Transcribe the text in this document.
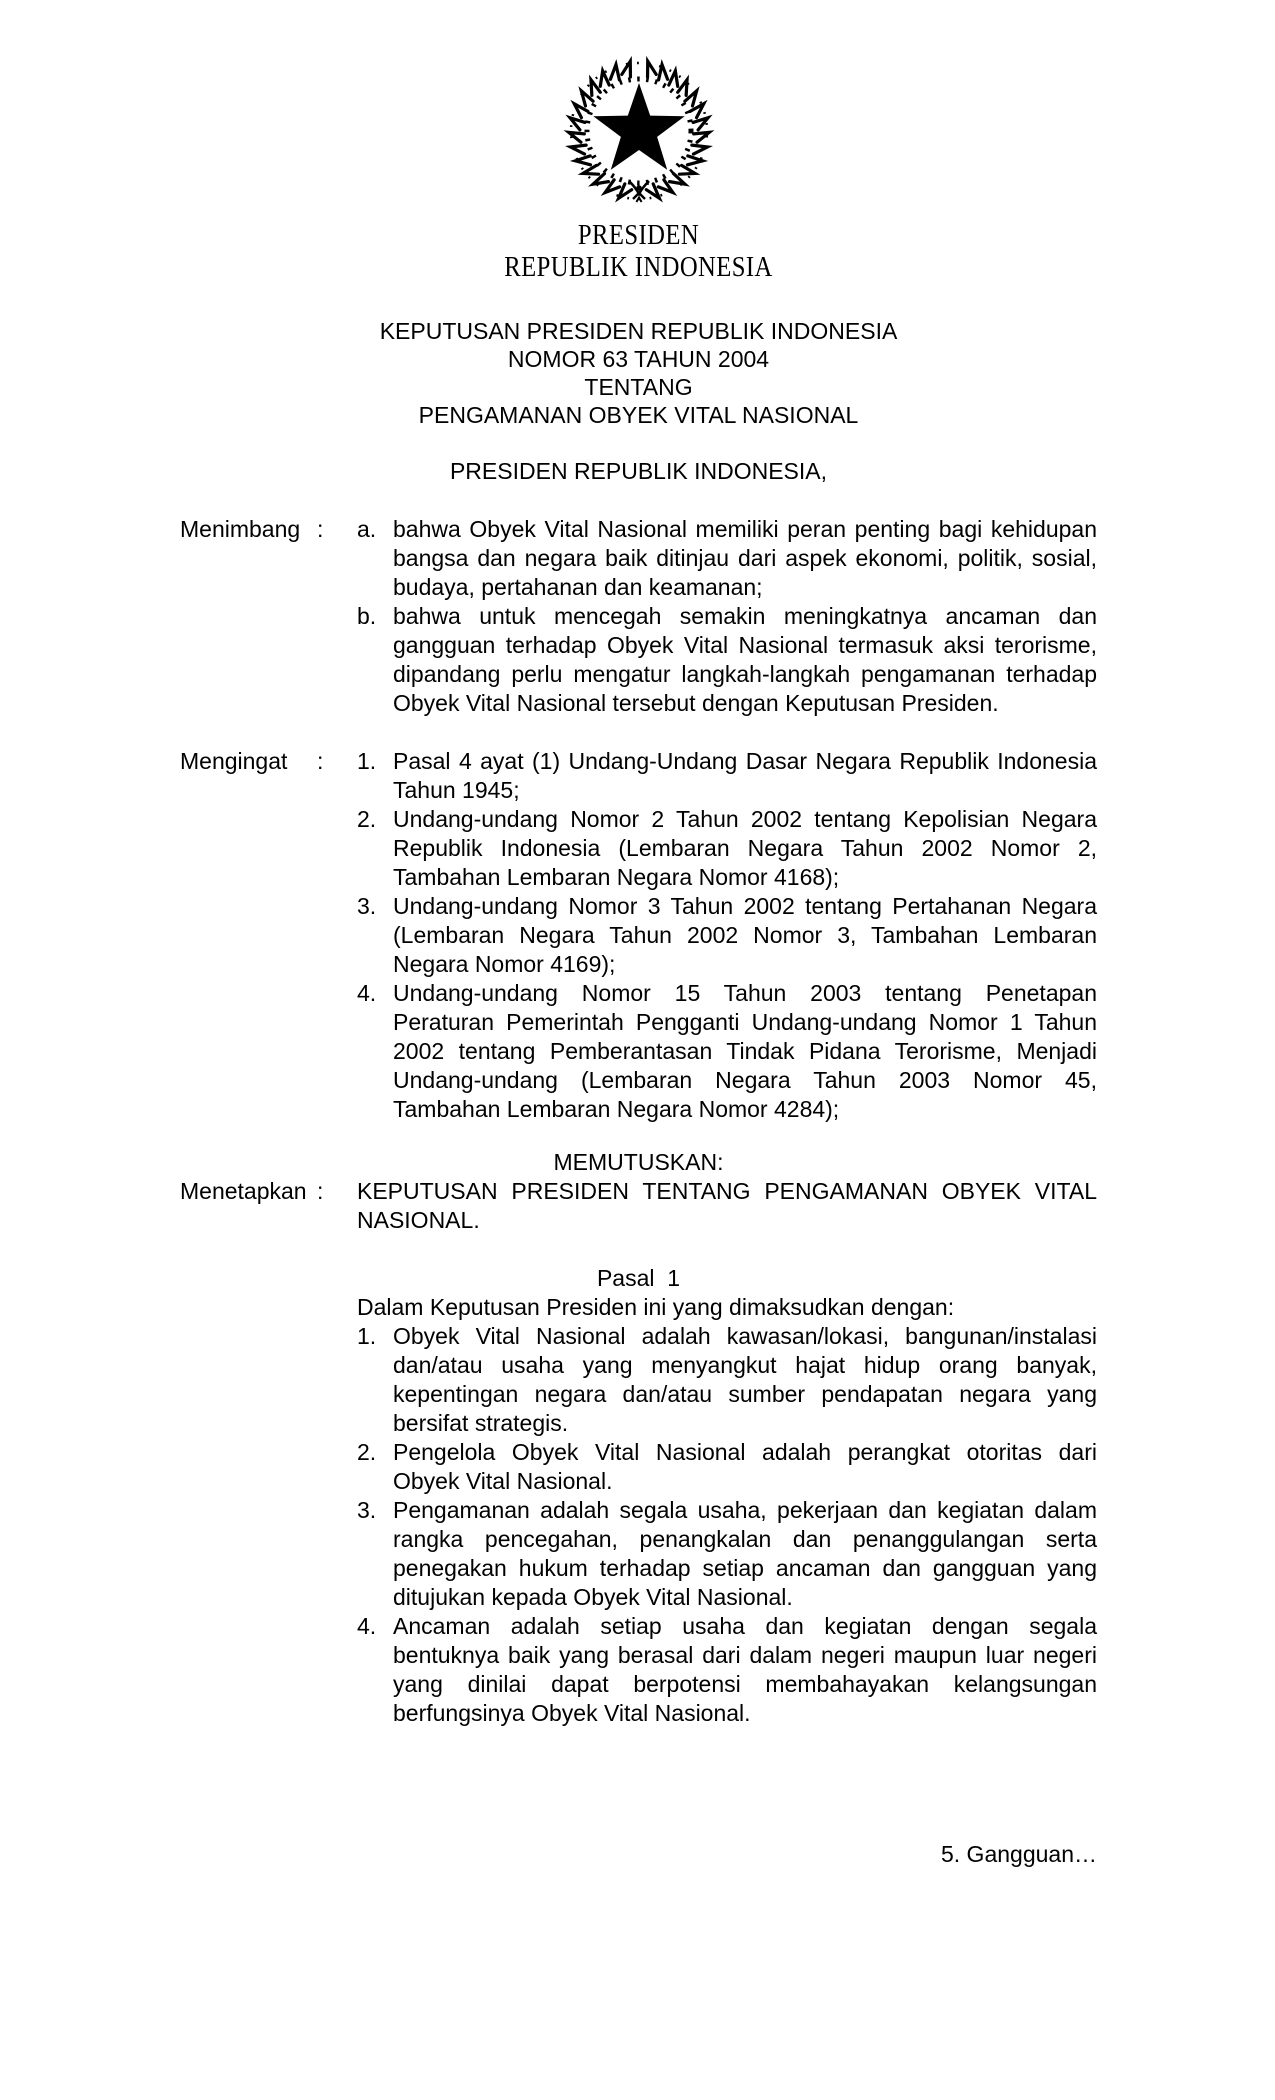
PRESIDEN
REPUBLIK INDONESIA
KEPUTUSAN PRESIDEN REPUBLIK INDONESIA
NOMOR 63 TAHUN 2004
TENTANG
PENGAMANAN OBYEK VITAL NASIONAL
PRESIDEN REPUBLIK INDONESIA,
Menimbang :	a. bahwa Obyek Vital Nasional memiliki peran penting bagi kehidupan bangsa dan negara baik ditinjau dari aspek ekonomi, politik, sosial, budaya, pertahanan dan keamanan;
b. bahwa untuk mencegah semakin meningkatnya ancaman dan gangguan terhadap Obyek Vital Nasional termasuk aksi terorisme, dipandang perlu mengatur langkah-langkah pengamanan terhadap Obyek Vital Nasional tersebut dengan Keputusan Presiden.
Mengingat	:	1. Pasal 4 ayat (1) Undang-Undang Dasar Negara Republik Indonesia Tahun 1945;
2. Undang-undang Nomor 2 Tahun 2002 tentang Kepolisian Negara Republik Indonesia (Lembaran Negara Tahun 2002 Nomor 2, Tambahan Lembaran Negara Nomor 4168);
3. Undang-undang Nomor 3 Tahun 2002 tentang Pertahanan Negara (Lembaran Negara Tahun 2002 Nomor 3, Tambahan Lembaran Negara Nomor 4169);
4. Undang-undang Nomor 15 Tahun 2003 tentang Penetapan Peraturan Pemerintah Pengganti Undang-undang Nomor 1 Tahun 2002 tentang Pemberantasan Tindak Pidana Terorisme, Menjadi Undang-undang (Lembaran Negara Tahun 2003 Nomor 45, Tambahan Lembaran Negara Nomor 4284);
MEMUTUSKAN:
Menetapkan :	KEPUTUSAN PRESIDEN TENTANG PENGAMANAN OBYEK VITAL NASIONAL.
Pasal  1
Dalam Keputusan Presiden ini yang dimaksudkan dengan:
1. Obyek Vital Nasional adalah kawasan/lokasi, bangunan/instalasi dan/atau usaha yang menyangkut hajat hidup orang banyak, kepentingan negara dan/atau sumber pendapatan negara yang bersifat strategis.
2. Pengelola Obyek Vital Nasional adalah perangkat otoritas dari Obyek Vital Nasional.
3. Pengamanan adalah segala usaha, pekerjaan dan kegiatan dalam rangka pencegahan, penangkalan dan penanggulangan serta penegakan hukum terhadap setiap ancaman dan gangguan yang ditujukan kepada Obyek Vital Nasional.
4. Ancaman adalah setiap usaha dan kegiatan dengan segala bentuknya baik yang berasal dari dalam negeri maupun luar negeri yang dinilai dapat berpotensi membahayakan kelangsungan berfungsinya Obyek Vital Nasional.
5. Gangguan…
